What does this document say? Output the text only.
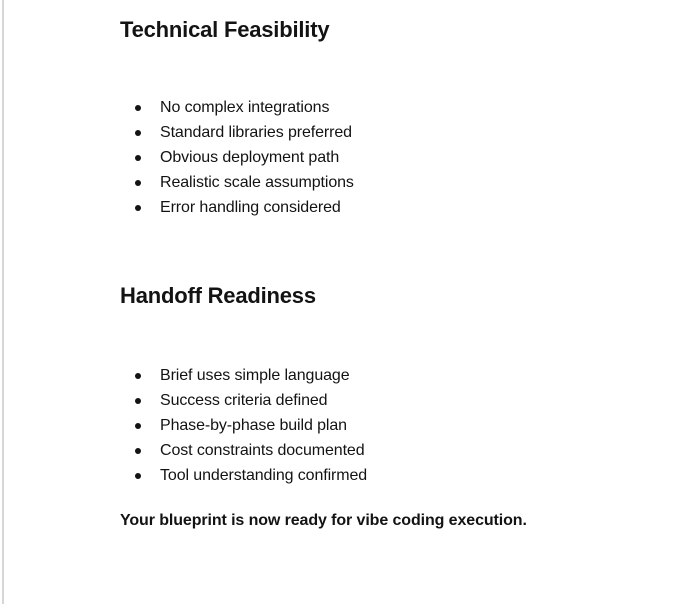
Technical Feasibility
No complex integrations
Standard libraries preferred
Obvious deployment path
Realistic scale assumptions
Error handling considered
Handoff Readiness
Brief uses simple language
Success criteria defined
Phase-by-phase build plan
Cost constraints documented
Tool understanding confirmed

Your blueprint is now ready for vibe coding execution.
